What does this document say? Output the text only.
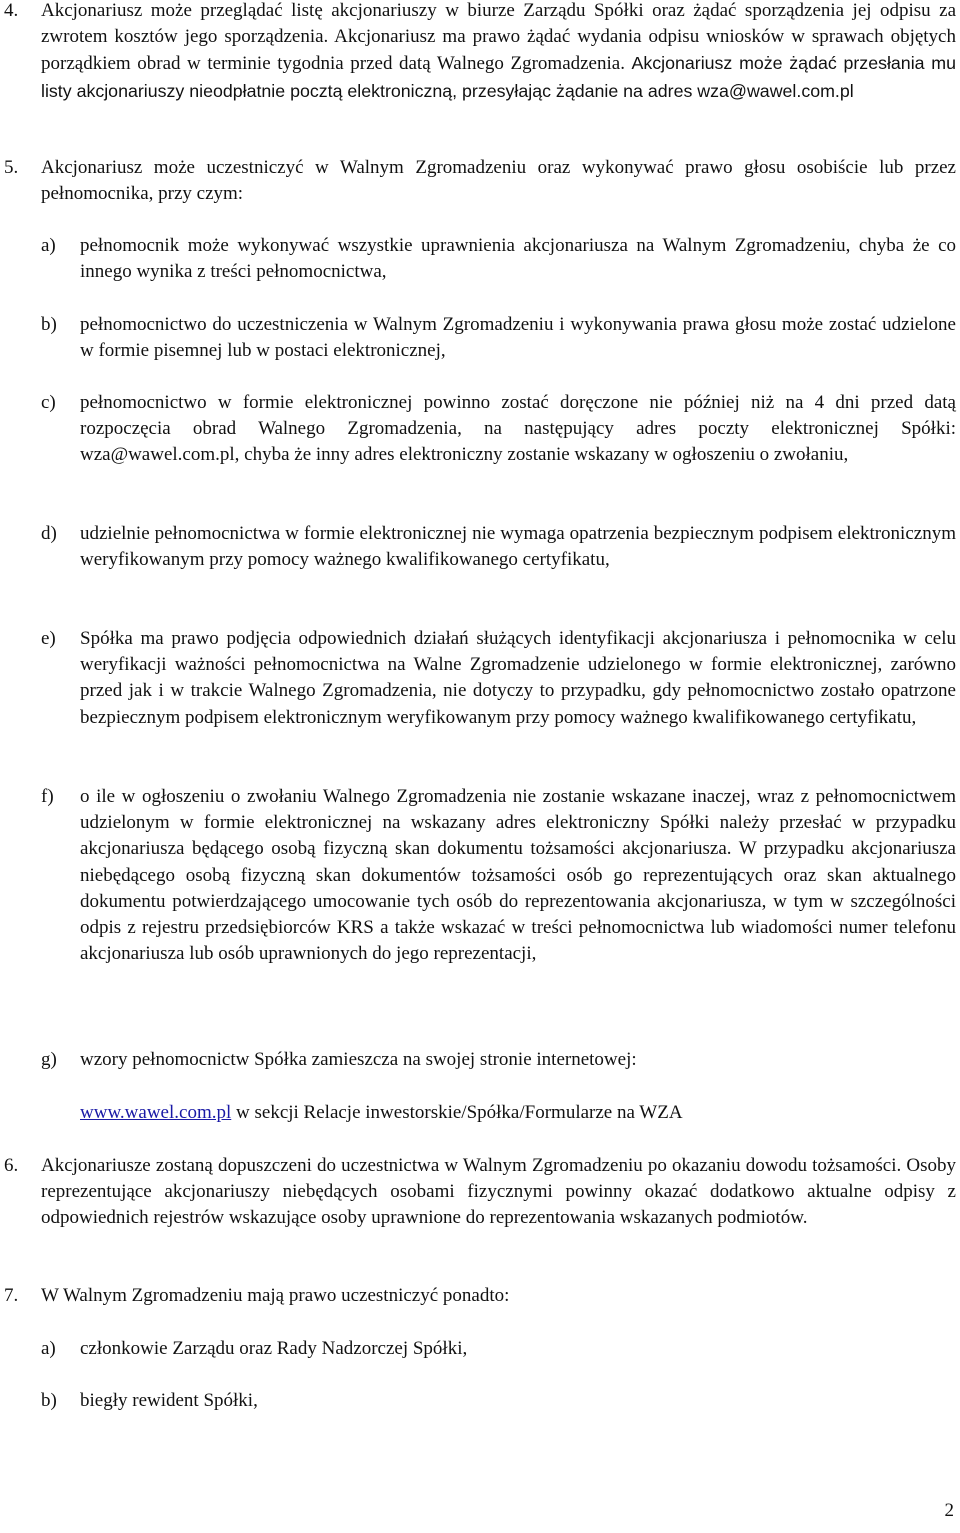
4.	Akcjonariusz może przeglądać listę akcjonariuszy w biurze Zarządu Spółki oraz żądać sporządzenia jej odpisu za zwrotem kosztów jego sporządzenia. Akcjonariusz ma prawo żądać wydania odpisu wniosków w sprawach objętych porządkiem obrad w terminie tygodnia przed datą Walnego Zgromadzenia. Akcjonariusz może żądać przesłania mu listy akcjonariuszy nieodpłatnie pocztą elektroniczną, przesyłając żądanie na adres wza@wawel.com.pl
5.	Akcjonariusz może uczestniczyć w Walnym Zgromadzeniu oraz wykonywać prawo głosu osobiście lub przez pełnomocnika, przy czym:
a)	pełnomocnik może wykonywać wszystkie uprawnienia akcjonariusza na Walnym Zgromadzeniu, chyba że co innego wynika z treści pełnomocnictwa,
b)	pełnomocnictwo do uczestniczenia w Walnym Zgromadzeniu i wykonywania prawa głosu może zostać udzielone w formie pisemnej lub w postaci elektronicznej,
c)	pełnomocnictwo w formie elektronicznej powinno zostać doręczone nie później niż na 4 dni przed datą rozpoczęcia obrad Walnego Zgromadzenia, na następujący adres poczty elektronicznej Spółki: wza@wawel.com.pl, chyba że inny adres elektroniczny zostanie wskazany w ogłoszeniu o zwołaniu,
d)	udzielnie pełnomocnictwa w formie elektronicznej nie wymaga opatrzenia bezpiecznym podpisem elektronicznym weryfikowanym przy pomocy ważnego kwalifikowanego certyfikatu,
e)	Spółka ma prawo podjęcia odpowiednich działań służących identyfikacji akcjonariusza i pełnomocnika w celu weryfikacji ważności pełnomocnictwa na Walne Zgromadzenie udzielonego w formie elektronicznej, zarówno przed jak i w trakcie Walnego Zgromadzenia, nie dotyczy to przypadku, gdy pełnomocnictwo zostało opatrzone bezpiecznym podpisem elektronicznym weryfikowanym przy pomocy ważnego kwalifikowanego certyfikatu,
f)	o ile w ogłoszeniu o zwołaniu Walnego Zgromadzenia nie zostanie wskazane inaczej, wraz z pełnomocnictwem udzielonym w formie elektronicznej na wskazany adres elektroniczny Spółki należy przesłać w przypadku akcjonariusza będącego osobą fizyczną skan dokumentu tożsamości akcjonariusza. W przypadku akcjonariusza niebędącego osobą fizyczną skan dokumentów tożsamości osób go reprezentujących oraz skan aktualnego dokumentu potwierdzającego umocowanie tych osób do reprezentowania akcjonariusza, w tym w szczególności odpis z rejestru przedsiębiorców KRS a także wskazać w treści pełnomocnictwa lub wiadomości numer telefonu akcjonariusza lub osób uprawnionych do jego reprezentacji,
g)	wzory pełnomocnictw Spółka zamieszcza na swojej stronie internetowej:
www.wawel.com.pl w sekcji Relacje inwestorskie/Spółka/Formularze na WZA
6.	Akcjonariusze zostaną dopuszczeni do uczestnictwa w Walnym Zgromadzeniu po okazaniu dowodu tożsamości. Osoby reprezentujące akcjonariuszy niebędących osobami fizycznymi powinny okazać dodatkowo aktualne odpisy z odpowiednich rejestrów wskazujące osoby uprawnione do reprezentowania wskazanych podmiotów.
7.	W Walnym Zgromadzeniu mają prawo uczestniczyć ponadto:
a)	członkowie Zarządu oraz Rady Nadzorczej Spółki,
b)	biegły rewident Spółki,
2
